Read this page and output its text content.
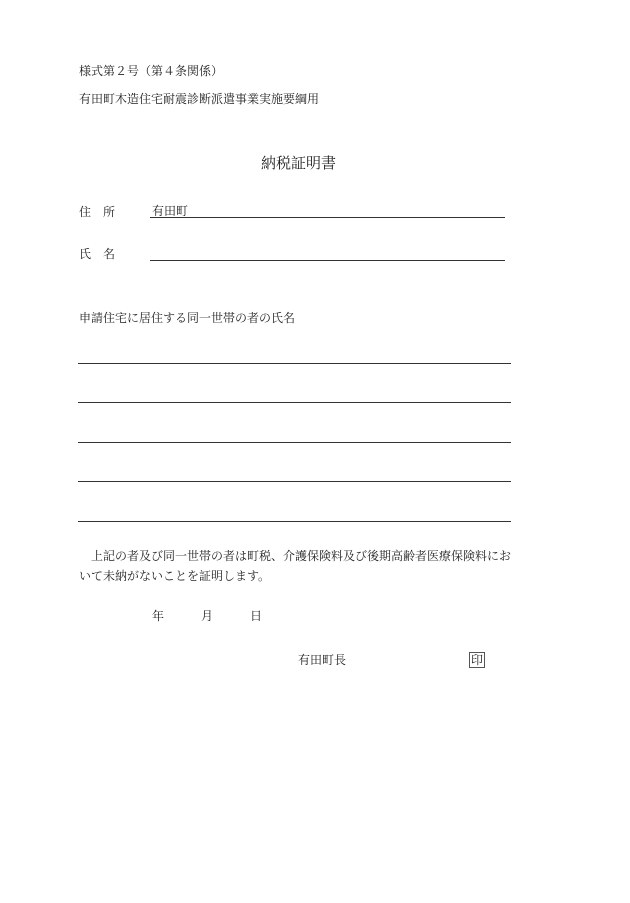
様式第２号（第４条関係）
有田町木造住宅耐震診断派遣事業実施要綱用
納税証明書
住　所	有田町
氏　名
申請住宅に居住する同一世帯の者の氏名
上記の者及び同一世帯の者は町税、介護保険料及び後期高齢者医療保険料にお
いて未納がないことを証明します。
年	月	日
有田町長	印
